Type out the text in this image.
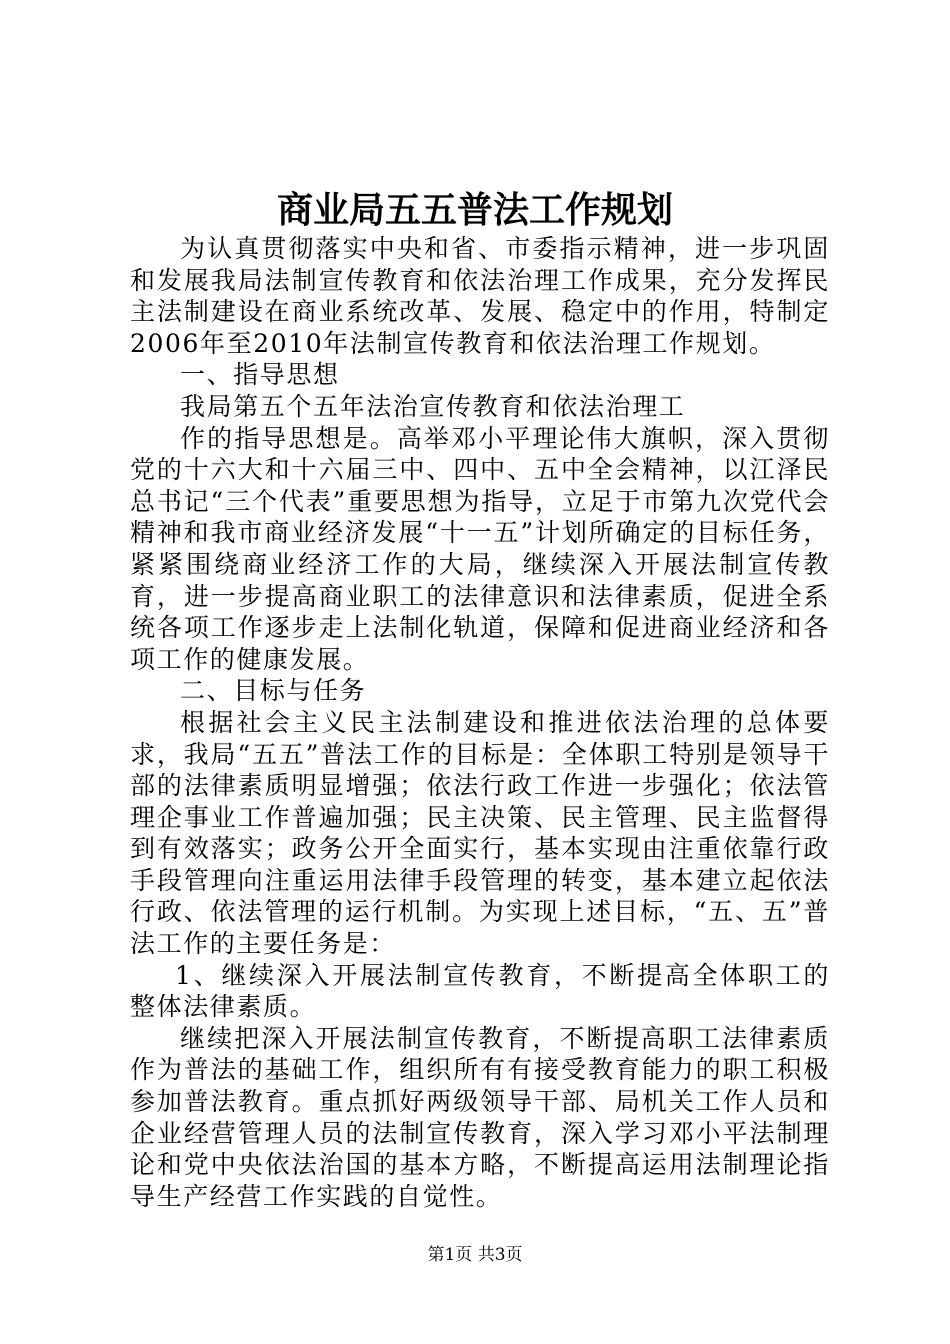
商业局五五普法工作规划

为认真贯彻落实中央和省、市委指示精神，进一步巩固和发展我局法制宣传教育和依法治理工作成果，充分发挥民主法制建设在商业系统改革、发展、稳定中的作用，特制定2006年至2010年法制宣传教育和依法治理工作规划。

一、指导思想

我局第五个五年法治宣传教育和依法治理工

作的指导思想是。高举邓小平理论伟大旗帜，深入贯彻党的十六大和十六届三中、四中、五中全会精神，以江泽民总书记“三个代表”重要思想为指导，立足于市第九次党代会精神和我市商业经济发展“十一五”计划所确定的目标任务，紧紧围绕商业经济工作的大局，继续深入开展法制宣传教育，进一步提高商业职工的法律意识和法律素质，促进全系统各项工作逐步走上法制化轨道，保障和促进商业经济和各项工作的健康发展。

二、目标与任务

根据社会主义民主法制建设和推进依法治理的总体要求，我局“五五”普法工作的目标是：全体职工特别是领导干部的法律素质明显增强；依法行政工作进一步强化；依法管理企事业工作普遍加强；民主决策、民主管理、民主监督得到有效落实；政务公开全面实行，基本实现由注重依靠行政手段管理向注重运用法律手段管理的转变，基本建立起依法行政、依法管理的运行机制。为实现上述目标，“五、五”普法工作的主要任务是：

1、继续深入开展法制宣传教育，不断提高全体职工的整体法律素质。

继续把深入开展法制宣传教育，不断提高职工法律素质作为普法的基础工作，组织所有有接受教育能力的职工积极参加普法教育。重点抓好两级领导干部、局机关工作人员和企业经营管理人员的法制宣传教育，深入学习邓小平法制理论和党中央依法治国的基本方略，不断提高运用法制理论指导生产经营工作实践的自觉性。

第1页 共3页
